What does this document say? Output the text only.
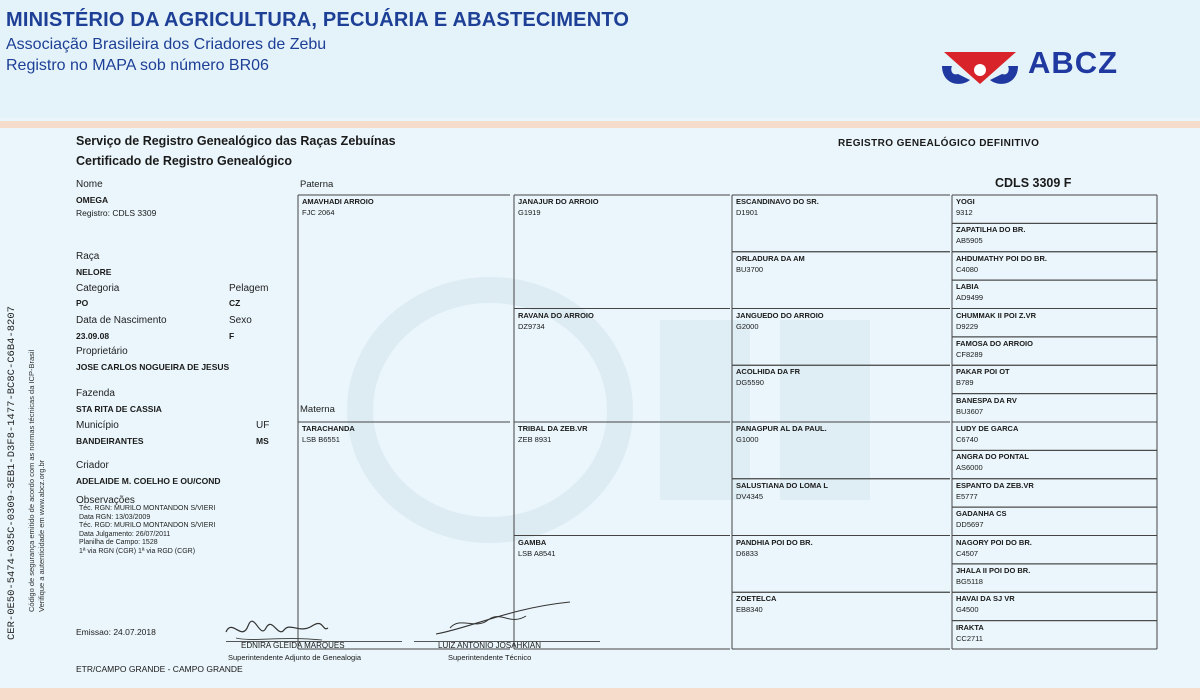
MINISTÉRIO DA AGRICULTURA, PECUÁRIA E ABASTECIMENTO
Associação Brasileira dos Criadores de Zebu
Registro no MAPA sob número BR06	ABCZ
CER-0E50-5474-035C-0309-3EB1-D3F8-1477-BC8C-C6B4-8207 Código de segurança emitido de acordo com as normas técnicas da ICP-Brasil Verifique a autenticidade em www.abcz.org.br
Serviço de Registro Genealógico das Raças Zebuínas
Certificado de Registro Genealógico
REGISTRO GENEALÓGICO DEFINITIVO
CDLS 3309 F
Nome
OMEGA
Registro: CDLS 3309
Raça
NELORE
Categoria
PO
Pelagem
CZ
Data de Nascimento
23.09.08
Sexo
F
Proprietário
JOSE CARLOS NOGUEIRA DE JESUS
Fazenda
STA RITA DE CASSIA
Município
BANDEIRANTES
UF
MS
Criador
ADELAIDE M. COELHO E OU/COND
Observações
Téc. RGN: MURILO MONTANDON S/VIERI
Data RGN: 13/03/2009
Téc. RGD: MURILO MONTANDON S/VIERI
Data Julgamento: 26/07/2011
Planilha de Campo: 1528
1ª via RGN (CGR) 1ª via RGD (CGR)
Emissao: 24.07.2018
EDNIRA GLEIDA MARQUES
Superintendente Adjunto de Genealogia
LUIZ ANTONIO JOSAHKIAN
Superintendente Técnico
ETR/CAMPO GRANDE - CAMPO GRANDE
Paterna
Materna
AMAVHADI ARROIO
FJC 2064
TARACHANDA
LSB B6551
JANAJUR DO ARROIO
G1919
RAVANA DO ARROIO
DZ9734
TRIBAL DA ZEB.VR
ZEB 8931
GAMBA
LSB A8541
ESCANDINAVO DO SR.
D1901
ORLADURA DA AM
BU3700
JANGUEDO DO ARROIO
G2000
ACOLHIDA DA FR
DG5590
PANAGPUR AL DA PAUL.
G1000
SALUSTIANA DO LOMA L
DV4345
PANDHIA POI DO BR.
D6833
ZOETELCA
EB8340
YOGI
9312
ZAPATILHA DO BR.
AB5905
AHDUMATHY POI DO BR.
C4080
LABIA
AD9499
CHUMMAK II POI Z.VR
D9229
FAMOSA DO ARROIO
CF8289
PAKAR POI OT
B789
BANESPA DA RV
BU3607
LUDY DE GARCA
C6740
ANGRA DO PONTAL
AS6000
ESPANTO DA ZEB.VR
E5777
GADANHA CS
DD5697
NAGORY POI DO BR.
C4507
JHALA II POI DO BR.
BG5118
HAVAI DA SJ VR
G4500
IRAKTA
CC2711
